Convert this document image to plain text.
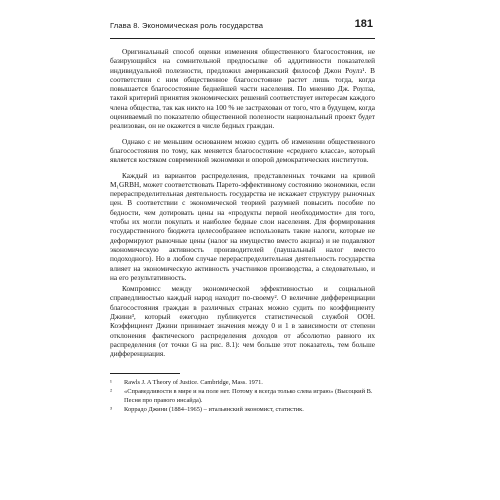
Глава 8. Экономическая роль государства	181

Оригинальный способ оценки изменения общественного благосостояния, не базирующийся на сомнительной предпосылке об аддитивности показателей индивидуальной полезности, предложил американский философ Джон Роулз¹. В соответствии с ним общественное благосостояние растет лишь тогда, когда повышается благосостояние беднейшей части населения. По мнению Дж. Роулза, такой критерий принятия экономических решений соответствует интересам каждого члена общества, так как никто на 100 % не застрахован от того, что в будущем, когда оцениваемый по показателю общественной полезности национальный проект будет реализован, он не окажется в числе бедных граждан.

Однако с не меньшим основанием можно судить об изменении общественного благосостояния по тому, как меняется благосостояние «среднего класса», который является костяком современной экономики и опорой демократических институтов.

Каждый из вариантов распределения, представленных точками на кривой M₁GRBH, может соответствовать Парето-эффективному состоянию экономики, если перераспределительная деятельность государства не искажает структуру рыночных цен. В соответствии с экономической теорией разумней повысить пособие по бедности, чем дотировать цены на «продукты первой необходимости» для того, чтобы их могли покупать и наиболее бедные слои населения. Для формирования государственного бюджета целесообразнее использовать такие налоги, которые не деформируют рыночные цены (налог на имущество вместо акциза) и не подавляют экономическую активность производителей (паушальный налог вместо подоходного). Но в любом случае перераспределительная деятельность государства влияет на экономическую активность участников производства, а следовательно, и на его результативность.

Компромисс между экономической эффективностью и социальной справедливостью каждый народ находит по-своему². О величине дифференциации благосостояния граждан в различных странах можно судить по коэффициенту Джини³, который ежегодно публикуется статистической службой ООН. Коэффициент Джини принимает значения между 0 и 1 в зависимости от степени отклонения фактического распределения доходов от абсолютно равного их распределения (от точки G на рис. 8.1): чем больше этот показатель, тем больше дифференциация.

¹ Rawls J. A Theory of Justice. Cambridge, Mass. 1971.
² «Справедливости в мире и на поле нет. Потому я всегда только слева играю» (Высоцкий В. Песня про правого инсайда).
³ Коррадо Джини (1884–1965) – итальянский экономист, статистик.
